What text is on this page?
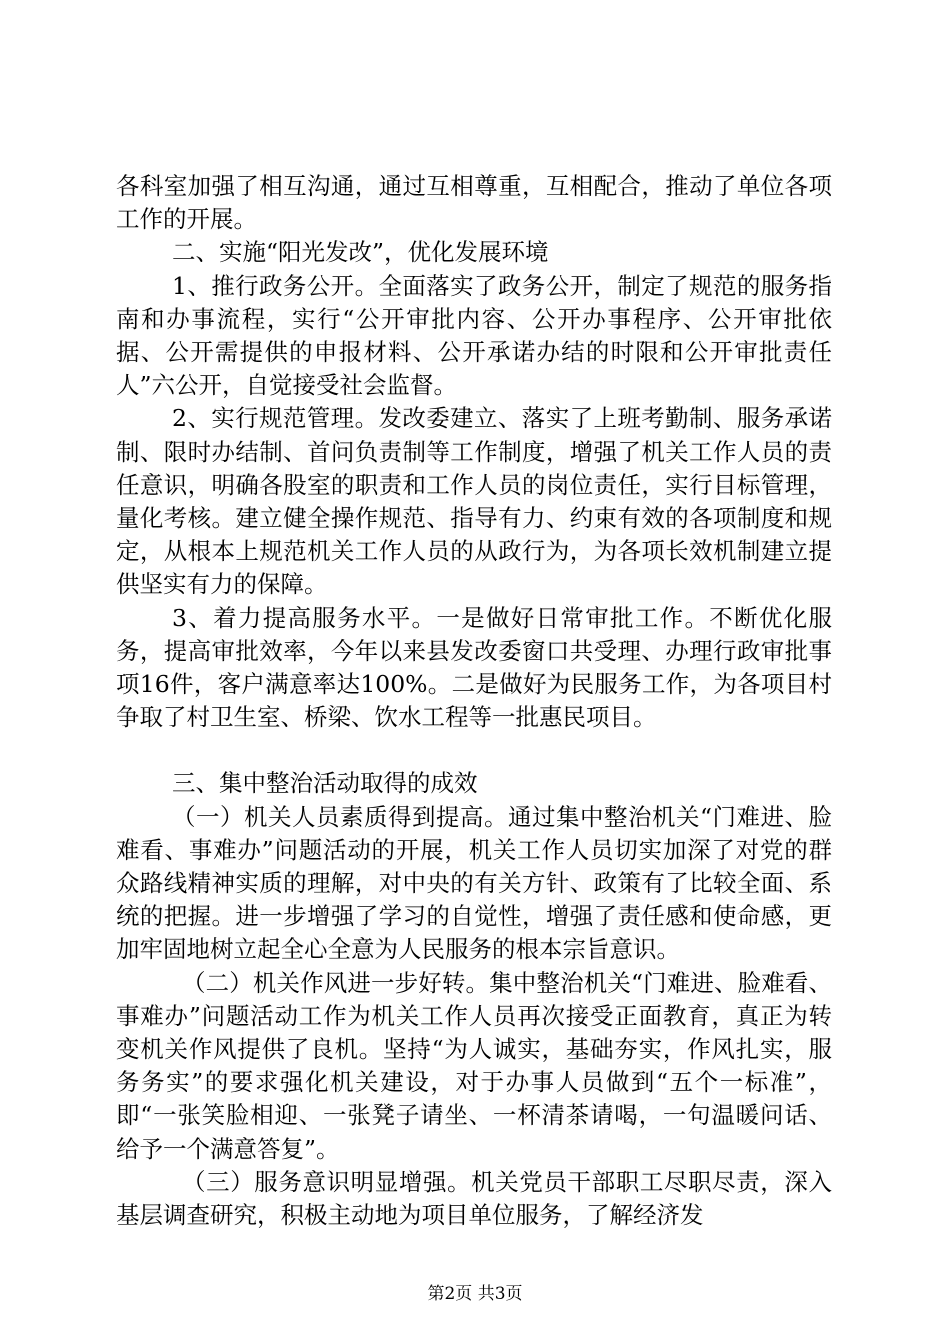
各科室加强了相互沟通，通过互相尊重，互相配合，推动了单位各项工作的开展。

二、实施“阳光发改”，优化发展环境

1、推行政务公开。全面落实了政务公开，制定了规范的服务指南和办事流程，实行“公开审批内容、公开办事程序、公开审批依据、公开需提供的申报材料、公开承诺办结的时限和公开审批责任人”六公开，自觉接受社会监督。

2、实行规范管理。发改委建立、落实了上班考勤制、服务承诺制、限时办结制、首问负责制等工作制度，增强了机关工作人员的责任意识，明确各股室的职责和工作人员的岗位责任，实行目标管理，量化考核。建立健全操作规范、指导有力、约束有效的各项制度和规定，从根本上规范机关工作人员的从政行为，为各项长效机制建立提供坚实有力的保障。

3、着力提高服务水平。一是做好日常审批工作。不断优化服务，提高审批效率，今年以来县发改委窗口共受理、办理行政审批事项16件，客户满意率达100%。二是做好为民服务工作，为各项目村争取了村卫生室、桥梁、饮水工程等一批惠民项目。

三、集中整治活动取得的成效

（一）机关人员素质得到提高。通过集中整治机关“门难进、脸难看、事难办”问题活动的开展，机关工作人员切实加深了对党的群众路线精神实质的理解，对中央的有关方针、政策有了比较全面、系统的把握。进一步增强了学习的自觉性，增强了责任感和使命感，更加牢固地树立起全心全意为人民服务的根本宗旨意识。

（二）机关作风进一步好转。集中整治机关“门难进、脸难看、事难办”问题活动工作为机关工作人员再次接受正面教育，真正为转变机关作风提供了良机。坚持“为人诚实，基础夯实，作风扎实，服务务实”的要求强化机关建设，对于办事人员做到“五个一标准”，即“一张笑脸相迎、一张凳子请坐、一杯清茶请喝，一句温暖问话、给予一个满意答复”。

（三）服务意识明显增强。机关党员干部职工尽职尽责，深入基层调查研究，积极主动地为项目单位服务，了解经济发

第2页 共3页
